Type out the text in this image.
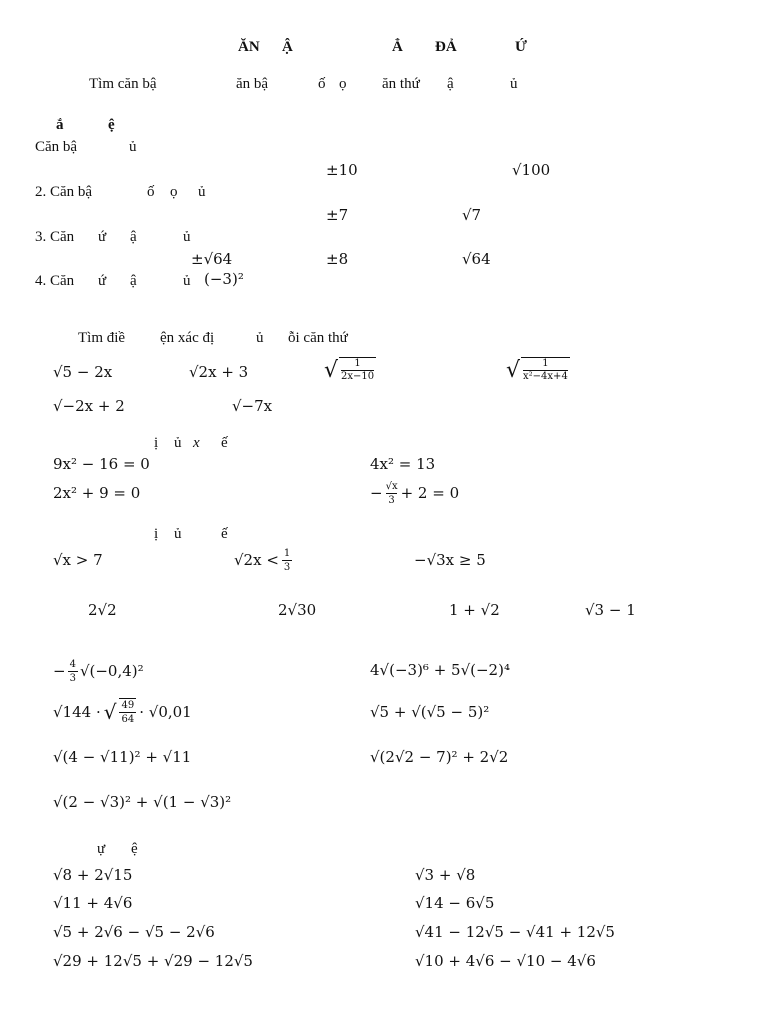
ĂN Ậ	Ẳ ĐẢ	Ứ
Tìm căn bậ	ăn bậ	ố ọ ăn thứ ậ	ủ
ắ	ệ
Căn bậ	ủ
±10	√100
2. Căn bậ	ố ọ ủ
±7	√7
3. Căn ứ ậ	ủ
±√64	±8	√64
4. Căn ứ ậ	ủ (−3)²
Tìm điề ện xác đị	ủ ỗi căn thứ
√5 − 2x	√2x + 3	√ $\frac{1}{2x-10}$	√ $\frac{1}{\text{x²−4x+4}}$
√−2x + 2	√−7x
ị ủ x ế
9x² − 16 = 0	4x² = 13
2x² + 9 = 0	− $\frac{√x}{3} + 2 = 0$
ị ủ	ế
√x > 7	$√2x < \frac{1}{3}$	−√3x ≥ 5
2√2	2√30	1 + √2	√3 − 1
− $\frac{4}{3} √(-0,4)^2$	4√(−3)⁶ + 5√(−2)⁴
√144 · √ $\frac{49}{64} \cdot √0,01$	√5 + √(√5 − 5)²
√(4 − √11)² + √11	√(2√2 − 7)² + 2√2
√(2 − √3)² + √(1 − √3)²
ự ệ
√8 + 2√15	√3 + √8
√11 + 4√6	√14 − 6√5
√5 + 2√6 − √5 − 2√6	√41 − 12√5 − √41 + 12√5
√29 + 12√5 + √29 − 12√5	√10 + 4√6 − √10 − 4√6
